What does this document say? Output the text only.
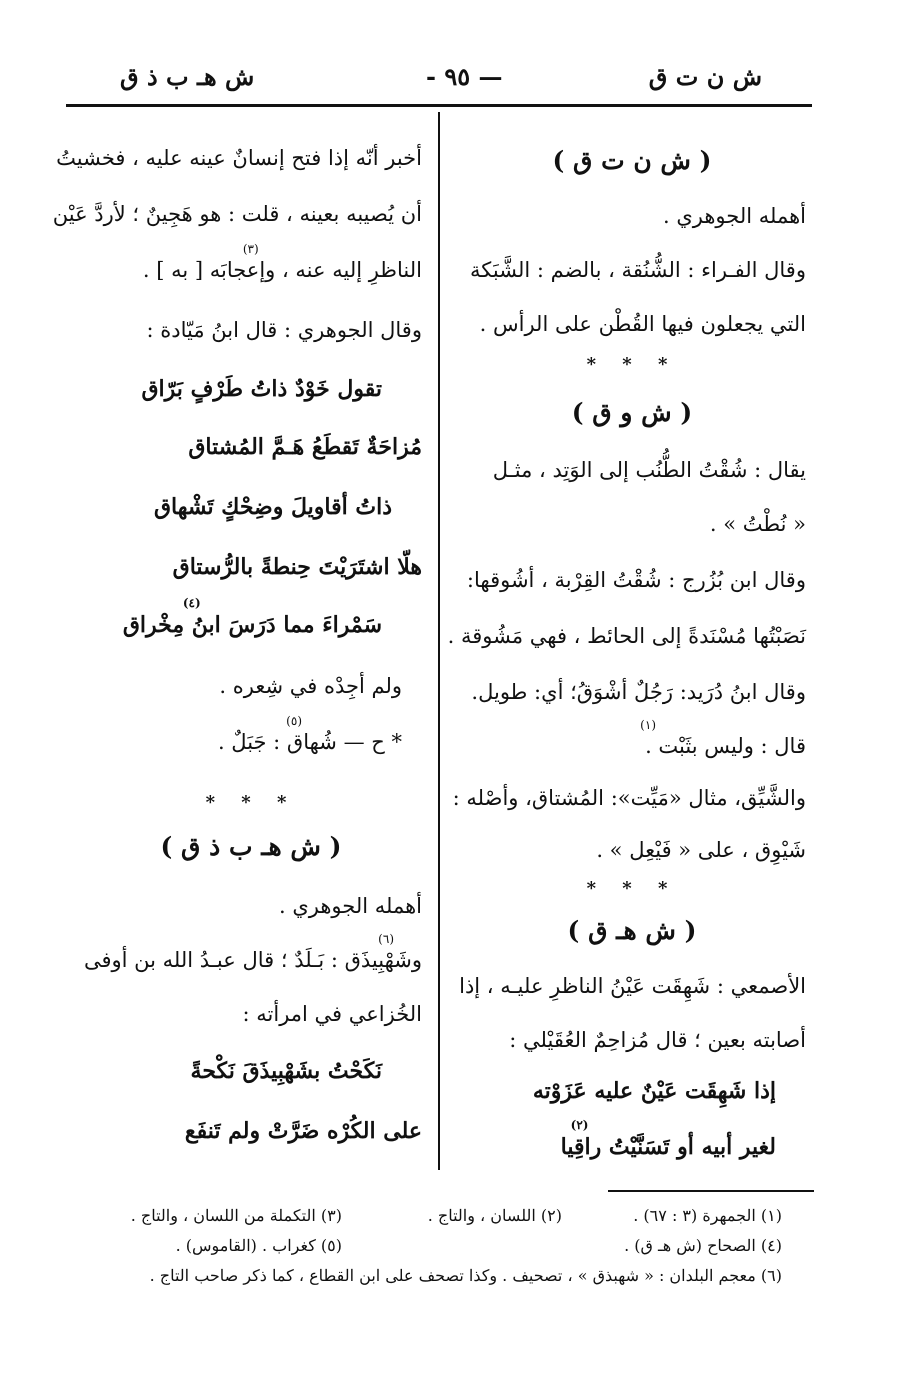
ش ن ت ق
— ٩٥ -
ش هـ ب ذ ق
( ش ن ت ق )
أهمله الجوهري .
وقال الفـراء : الشُّنُقة ، بالضم : الشَّبَكة
التي يجعلون فيها القُطْن على الرأس .
* * *
( ش و ق )
يقال : شُقْتُ الطُّنُب إلى الوَتِد ، مثـل
« نُطْتُ » .
وقال ابن بُزُرج : شُقْتُ القِرْبة ، أشُوقها:
نَصَبْتُها مُسْنَدةً إلى الحائط ، فهي مَشُوقة .
وقال ابنُ دُرَيد: رَجُلٌ أشْوَقُ؛ أي: طويل.
قال : وليس بثَبْت .
(١)
والشَّيِّق، مثال «مَيِّت»: المُشتاق، وأصْله :
شَيْوِق ، على « فَيْعِل » .
* * *
( ش هـ ق )
الأصمعي : شَهِقَت عَيْنُ الناظرِ عليـه ، إذا
أصابته بعين ؛ قال مُزاحِمٌ العُقَيْلي :
إذا شَهِقَت عَيْنٌ عليه عَزَوْته
لغير أبيه أو تَسَنَّيْتُ راقِيا
(٢)
أخبر أنّه إذا فتح إنسانٌ عينه عليه ، فخشيتُ
أن يُصيبه بعينه ، قلت : هو هَجِينٌ ؛ لأردَّ عَيْن
الناظرِ إليه عنه ، وإعجابَه [ به ] .
(٣)
وقال الجوهري : قال ابنُ مَيّادة :
تقول خَوْدٌ ذاتُ طَرْفٍ بَرّاق
مُزاحَةٌ تَقطَعُ هَـمَّ المُشتاق
ذاتُ أقاويلَ وضِحْكٍ تَشْهاق
هلّا اشتَرَيْتَ حِنطةً بالرُّستاق
سَمْراءَ مما دَرَسَ ابنُ مِخْراق
(٤)
ولم أجِدْه في شِعره .
* ح — شُهاق : جَبَلٌ .
(٥)
* * *
( ش هـ ب ذ ق )
أهمله الجوهري .
وشَهْبِيذَق : بَـلَدٌ ؛ قال عبـدُ الله بن أوفى
(٦)
الخُزاعي في امرأته :
نَكَحْتُ بشَهْبِيذَقَ نَكْحةً
على الكُرْه ضَرَّتْ ولم تَنفَع
(١) الجمهرة (٣ : ٦٧) .
(٢) اللسان ، والتاج .
(٣) التكملة من اللسان ، والتاج .
(٤) الصحاح (ش هـ ق) .
(٥) كغراب . (القاموس) .
(٦) معجم البلدان : « شهبذق » ، تصحيف . وكذا تصحف على ابن القطاع ، كما ذكر صاحب التاج .
